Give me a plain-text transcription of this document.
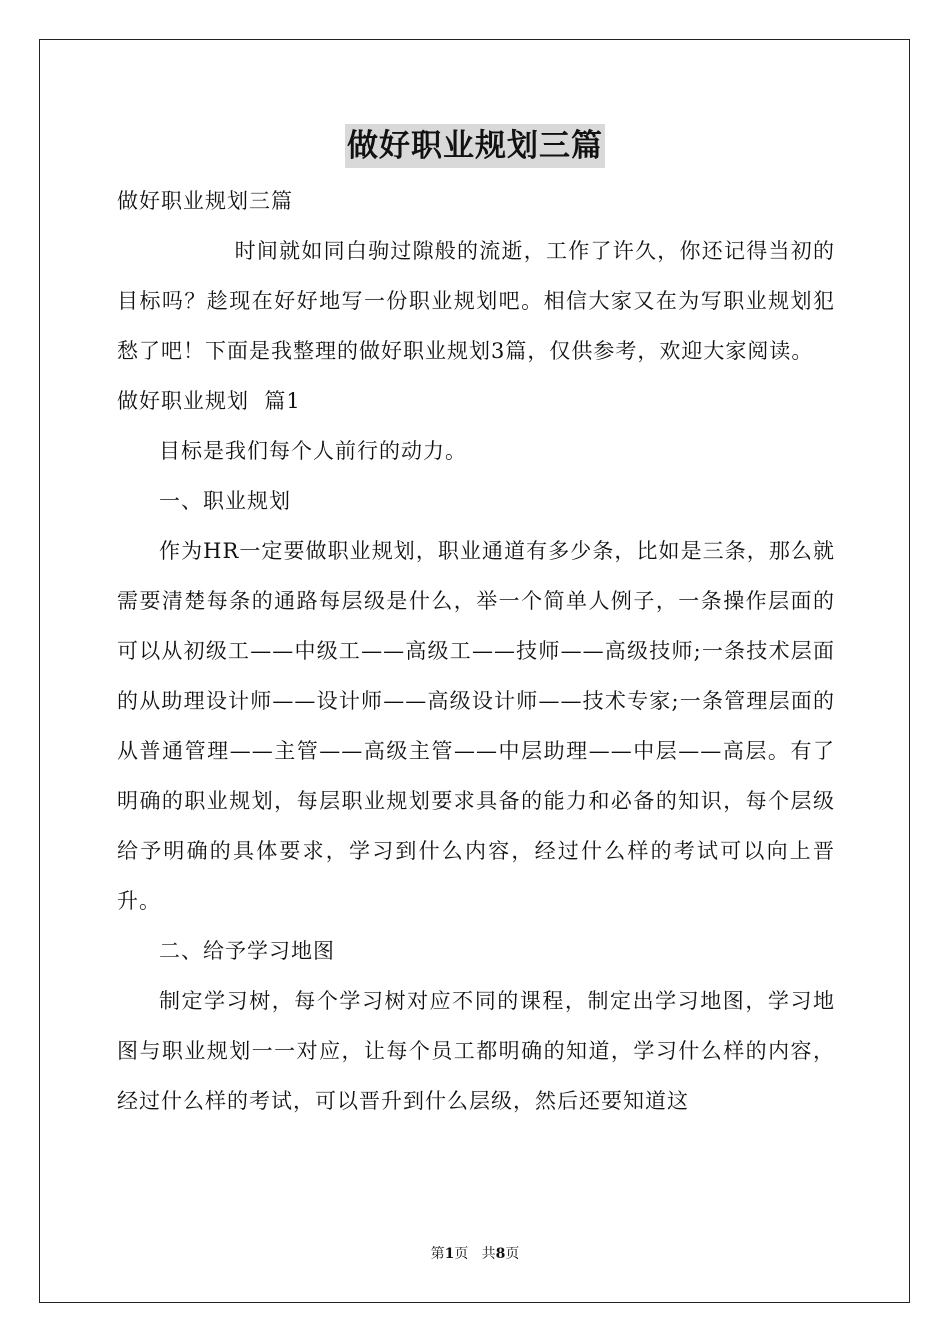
做好职业规划三篇

做好职业规划三篇

时间就如同白驹过隙般的流逝，工作了许久，你还记得当初的目标吗？趁现在好好地写一份职业规划吧。相信大家又在为写职业规划犯愁了吧！下面是我整理的做好职业规划3篇，仅供参考，欢迎大家阅读。

做好职业规划  篇1

目标是我们每个人前行的动力。

一、职业规划

作为HR一定要做职业规划，职业通道有多少条，比如是三条，那么就需要清楚每条的通路每层级是什么，举一个简单人例子，一条操作层面的可以从初级工——中级工——高级工——技师——高级技师;一条技术层面的从助理设计师——设计师——高级设计师——技术专家;一条管理层面的从普通管理——主管——高级主管——中层助理——中层——高层。有了明确的职业规划，每层职业规划要求具备的能力和必备的知识，每个层级给予明确的具体要求，学习到什么内容，经过什么样的考试可以向上晋升。

二、给予学习地图

制定学习树，每个学习树对应不同的课程，制定出学习地图，学习地图与职业规划一一对应，让每个员工都明确的知道，学习什么样的内容，经过什么样的考试，可以晋升到什么层级，然后还要知道这

第1页   共8页
